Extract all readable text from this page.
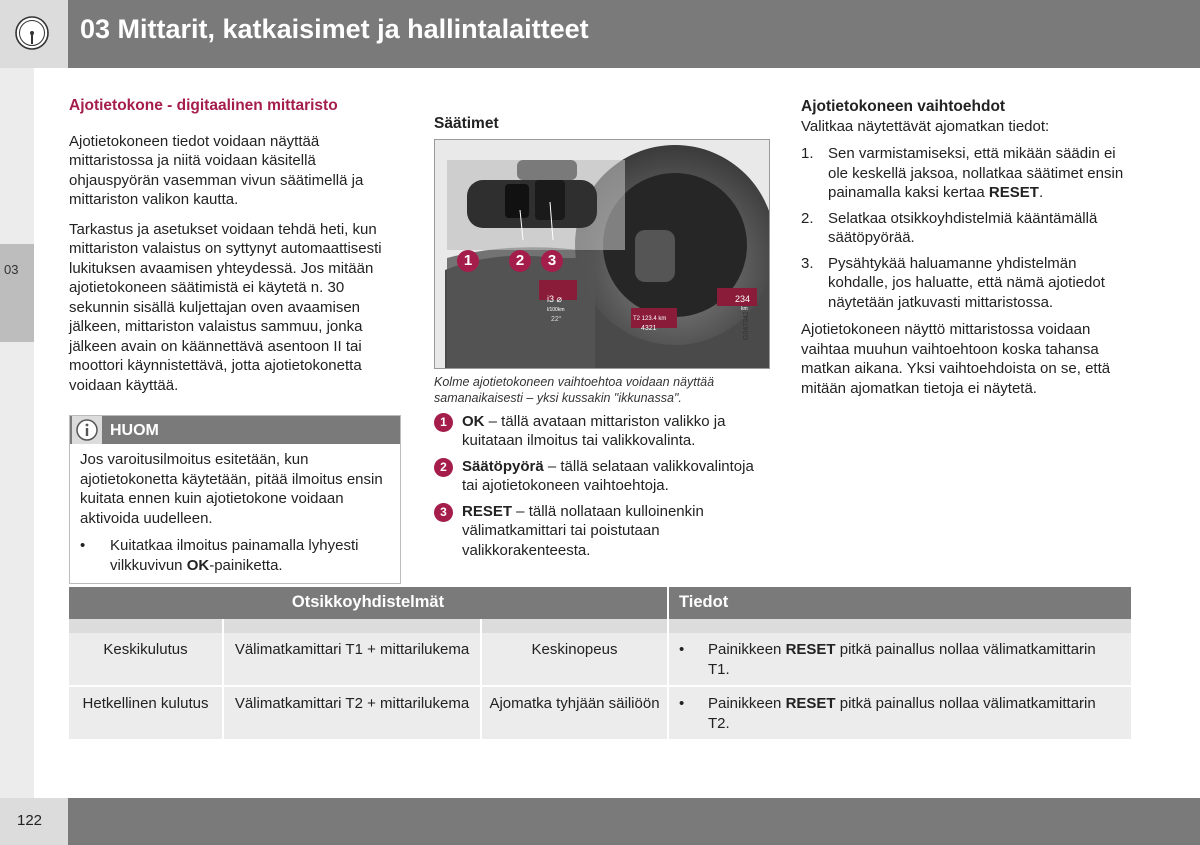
03 Mittarit, katkaisimet ja hallintalaitteet
03
Ajotietokone - digitaalinen mittaristo

Ajotietokoneen tiedot voidaan näyttää mittaristossa ja niitä voidaan käsitellä ohjauspyörän vasemman vivun säätimellä ja mittariston valikon kautta.

Tarkastus ja asetukset voidaan tehdä heti, kun mittariston valaistus on syttynyt automaattisesti lukituksen avaamisen yhteydessä. Jos mitään ajotietokoneen säätimistä ei käytetä n. 30 sekunnin sisällä kuljettajan oven avaamisen jälkeen, mittariston valaistus sammuu, jonka jälkeen avain on käännettävä asentoon II tai moottori käynnistettävä, jotta ajotietokonetta voidaan käyttää.

HUOM

Jos varoitusilmoitus esitetään, kun ajotietokonetta käytetään, pitää ilmoitus ensin kuitata ennen kuin ajotietokone voidaan aktivoida uudelleen.

•	Kuitatkaa ilmoitus painamalla lyhyesti vilkkuvivun OK-painiketta.
Säätimet
1	2	3
i3 ⌀
l/100km
234
km
T2 123.4 km
4321
22°	G047342
Kolme ajotietokoneen vaihtoehtoa voidaan näyttää samanaikaisesti – yksi kussakin "ikkunassa".
1	OK – tällä avataan mittariston valikko ja kuitataan ilmoitus tai valikkovalinta.
2	Säätöpyörä – tällä selataan valikkovalintoja tai ajotietokoneen vaihtoehtoja.
3	RESET – tällä nollataan kulloinenkin välimatkamittari tai poistutaan valikkorakenteesta.
Ajotietokoneen vaihtoehdot

Valitkaa näytettävät ajomatkan tiedot:

1. Sen varmistamiseksi, että mikään säädin ei ole keskellä jaksoa, nollatkaa säätimet ensin painamalla kaksi kertaa RESET.
2. Selatkaa otsikkoyhdistelmiä kääntämällä säätöpyörää.
3. Pysähtykää haluamanne yhdistelmän kohdalle, jos haluatte, että nämä ajotiedot näytetään jatkuvasti mittaristossa.

Ajotietokoneen näyttö mittaristossa voidaan vaihtaa muuhun vaihtoehtoon koska tahansa matkan aikana. Yksi vaihtoehdoista on se, että mitään ajomatkan tietoja ei näytetä.

Otsikkoyhdistelmät			Tiedot

Keskikulutus	Välimatkamittari T1 + mittarilukema	Keskinopeus	• Painikkeen RESET pitkä painallus nollaa välimatkamittarin T1.

Hetkellinen kulutus	Välimatkamittari T2 + mittarilukema	Ajomatka tyhjään säiliöön	• Painikkeen RESET pitkä painallus nollaa välimatkamittarin T2.
122
